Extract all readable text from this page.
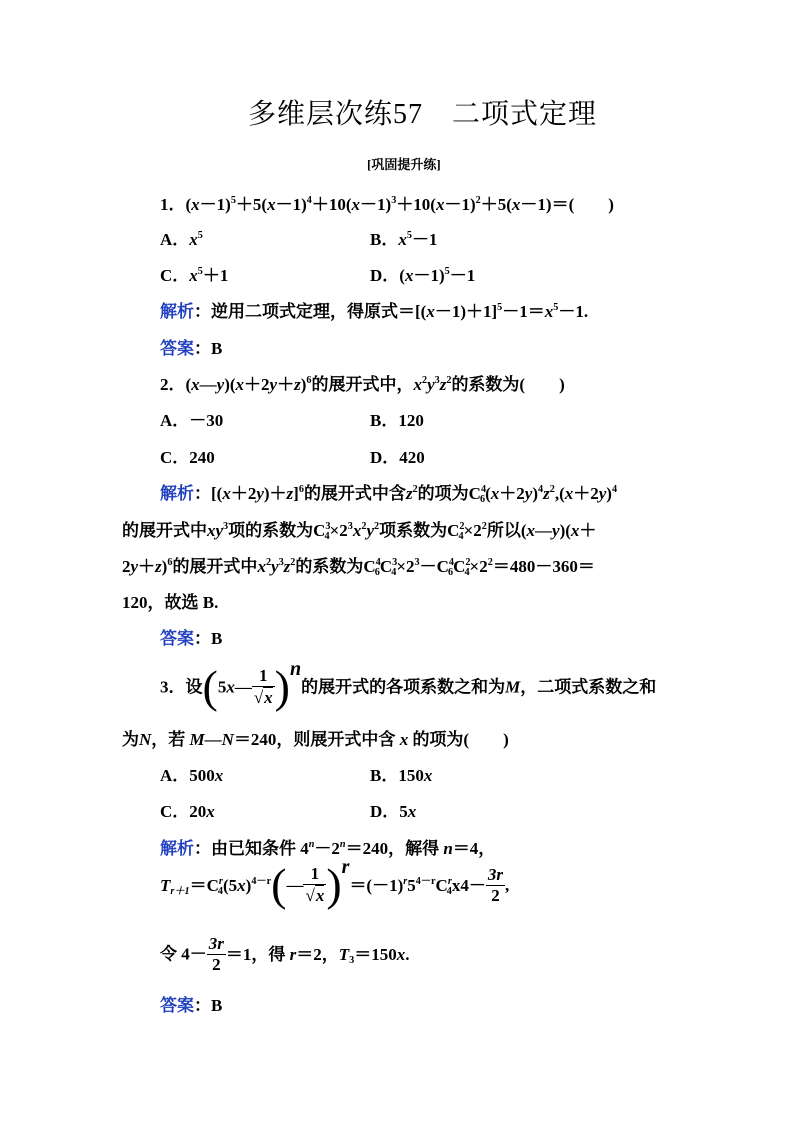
多维层次练57　二项式定理
[巩固提升练]
1．$(x-1)^5+5(x-1)^4+10(x-1)^3+10(x-1)^2+5(x-1)=$(　　)
A．$x^5$	B．$x^5-1$
C．$x^5+1$	D．$(x-1)^5-1$
解析：逆用二项式定理，得原式$=[(x-1)+1]^5-1=x^5-1$.
答案：B
2．$(x—y)(x+2y+z)^6$的展开式中，$x^2y^3z^2$的系数为(　　)
A．－30	B．120
C．240	D．420
解析：$[(x+2y)+z]^6$的展开式中含$z^2$的项为$C^4_6(x+2y)^4z^2,(x+2y)^4$
的展开式中$xy^3$项的系数为$C^3_4\times 2^3x^2y^2$项系数为$C^2_4\times 2^2$所以(x—y)(x＋
2y＋z)$^6$的展开式中$x^2y^3z^2$的系数为$C^4_6C^3_4\times 2^3-C^4_6C^2_4\times 2^2=480-360=$
120，故选 B.
答案：B
3．设(5x— $\frac{1}{√x} )^n$的展开式的各项系数之和为M，二项式系数之和
为N，若 M—N＝240，则展开式中含 x 的项为(　　)
A．500x	B．150x
C．20x	D．5x
解析：由已知条件 $4^n-2^n=240$，解得 n＝4，
$T_{r+1}=C^r_4(5x)^{4-r}(— \frac{1}{√x} )^r=(-1)^r5^{4-r}C^r_4x4- \frac{3r}{2}$ ,
令 $4- \frac{3r}{2} =1$，得 r＝2，$T_3=150x$.
答案：B
